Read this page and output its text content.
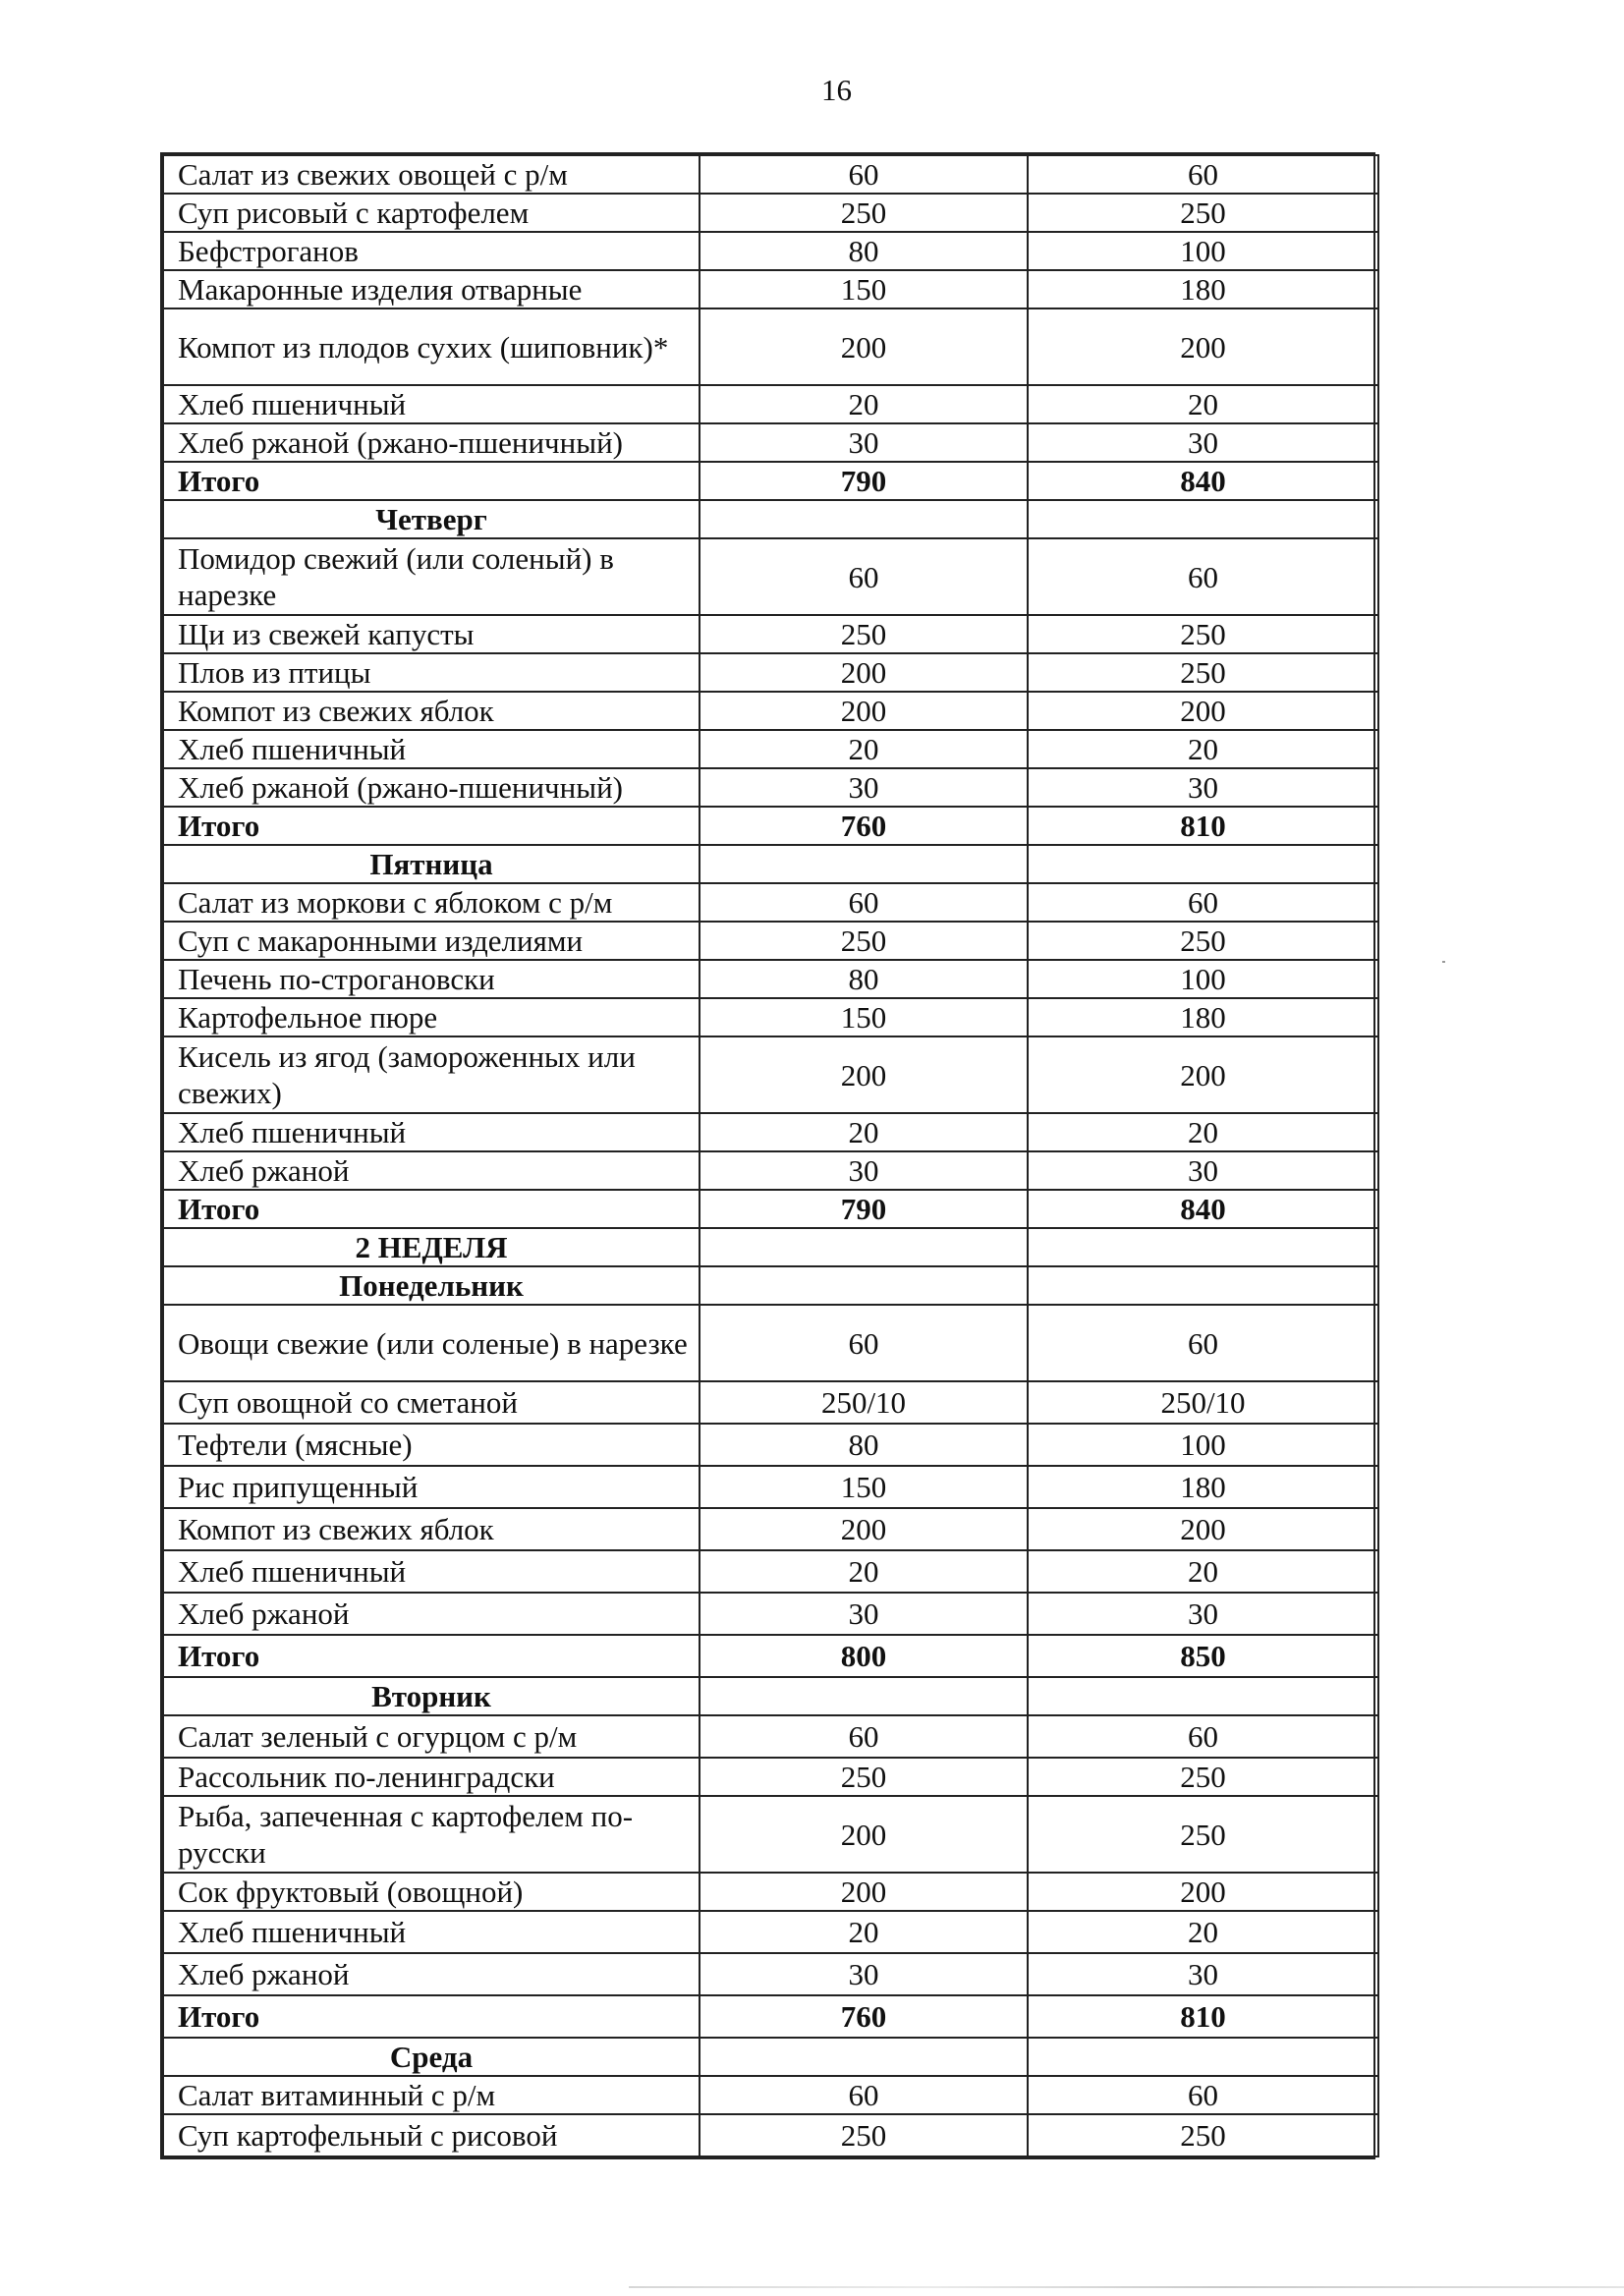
16
Салат из свежих овощей с р/м	60	60
Суп рисовый с картофелем	250	250
Бефстроганов	80	100
Макаронные изделия отварные	150	180
Компот из плодов сухих (шиповник)*	200	200
Хлеб пшеничный	20	20
Хлеб ржаной (ржано-пшеничный)	30	30
Итого	790	840
Четверг		
Помидор свежий (или соленый) в нарезке	60	60
Щи из свежей капусты	250	250
Плов из птицы	200	250
Компот из свежих яблок	200	200
Хлеб пшеничный	20	20
Хлеб ржаной (ржано-пшеничный)	30	30
Итого	760	810
Пятница		
Салат из моркови с яблоком с р/м	60	60
Суп с макаронными изделиями	250	250
Печень по-строгановски	80	100
Картофельное пюре	150	180
Кисель из ягод (замороженных или свежих)	200	200
Хлеб пшеничный	20	20
Хлеб ржаной	30	30
Итого	790	840
2 НЕДЕЛЯ		
Понедельник		
Овощи свежие (или соленые) в нарезке	60	60
Суп овощной со сметаной	250/10	250/10
Тефтели (мясные)	80	100
Рис припущенный	150	180
Компот из свежих яблок	200	200
Хлеб пшеничный	20	20
Хлеб ржаной	30	30
Итого	800	850
Вторник		
Салат зеленый с огурцом с р/м	60	60
Рассольник по-ленинградски	250	250
Рыба, запеченная с картофелем по-русски	200	250
Сок фруктовый (овощной)	200	200
Хлеб пшеничный	20	20
Хлеб ржаной	30	30
Итого	760	810
Среда		
Салат витаминный с р/м	60	60
Суп картофельный с рисовой	250	250
